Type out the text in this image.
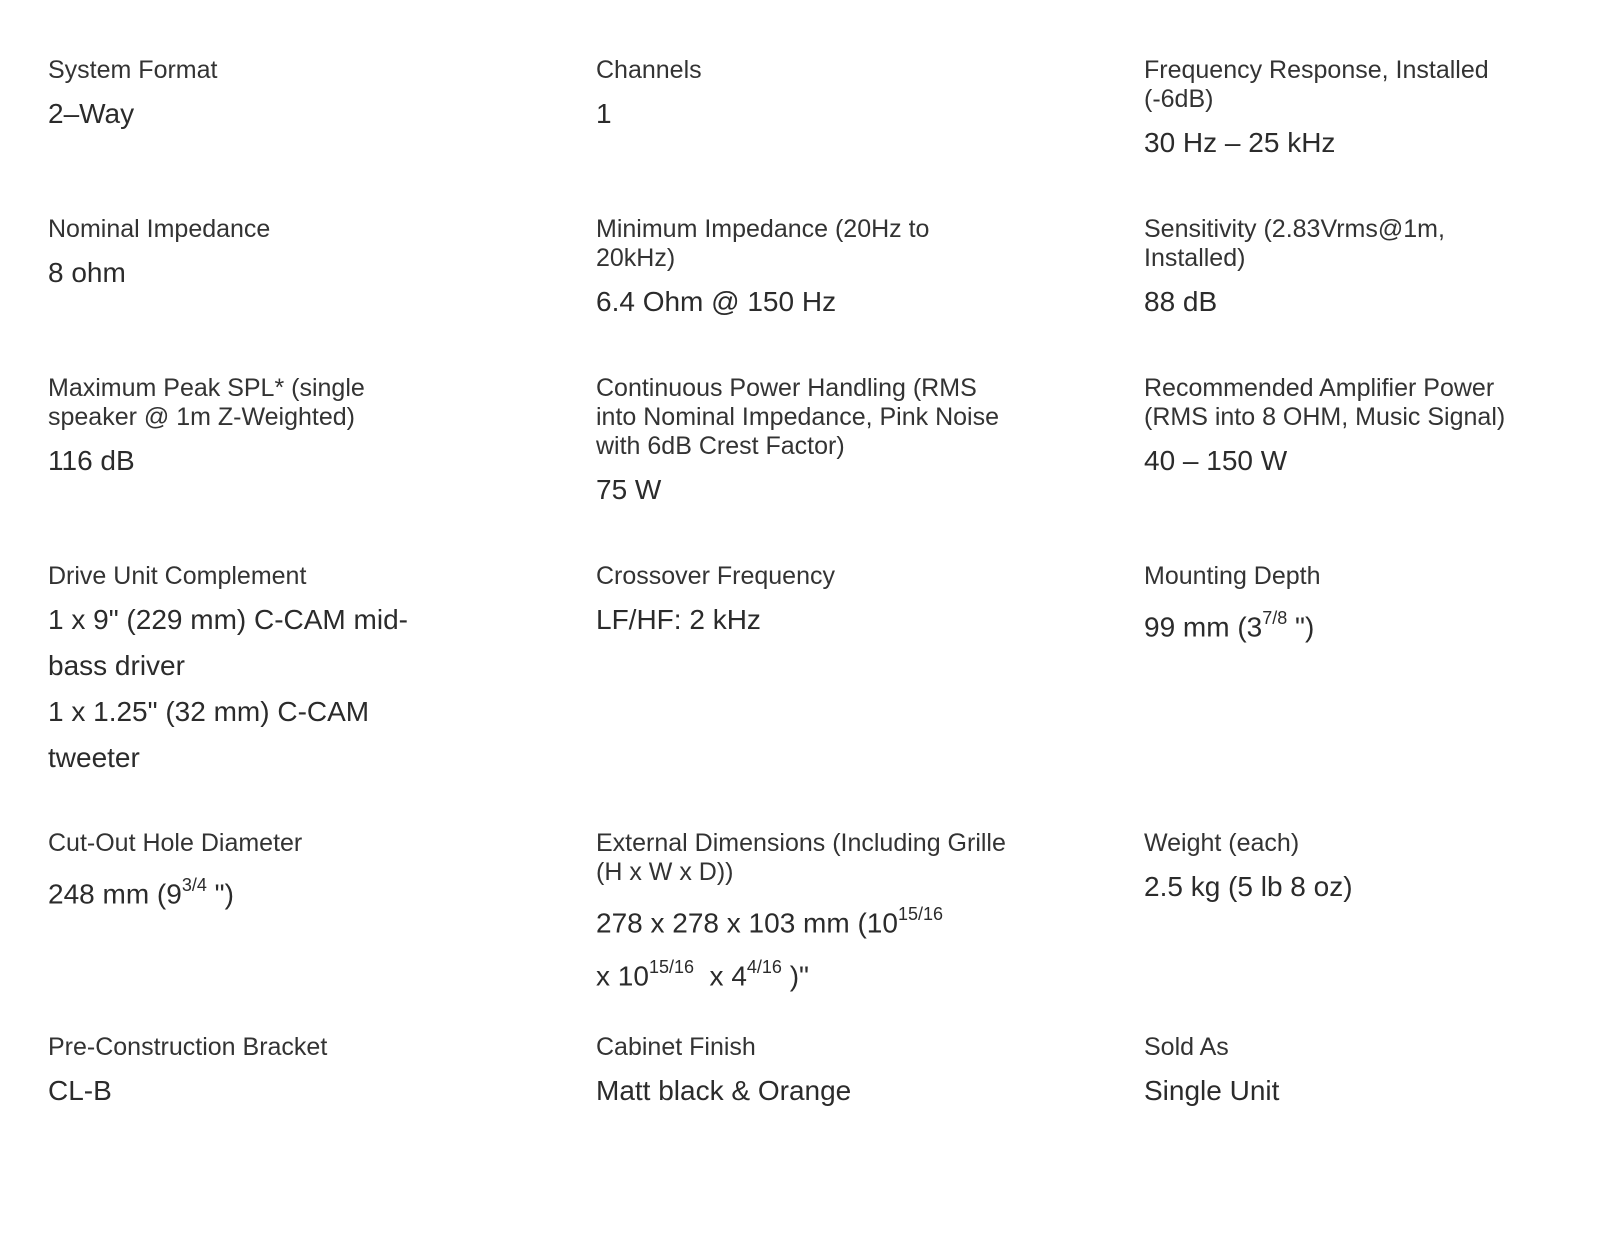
System Format
2–Way
Channels
1
Frequency Response, Installed (-6dB)
30 Hz – 25 kHz
Nominal Impedance
8 ohm
Minimum Impedance (20Hz to 20kHz)
6.4 Ohm @ 150 Hz
Sensitivity (2.83Vrms@1m, Installed)
88 dB
Maximum Peak SPL* (single speaker @ 1m Z-Weighted)
116 dB
Continuous Power Handling (RMS into Nominal Impedance, Pink Noise with 6dB Crest Factor)
75 W
Recommended Amplifier Power (RMS into 8 OHM, Music Signal)
40 – 150 W
Drive Unit Complement
1 x 9" (229 mm) C-CAM mid-bass driver
1 x 1.25" (32 mm) C-CAM tweeter
Crossover Frequency
LF/HF: 2 kHz
Mounting Depth
99 mm ($3^{7/8}$ ")
Cut-Out Hole Diameter
248 mm ($9^{3/4}$ ")
External Dimensions (Including Grille (H x W x D))
278 x 278 x 103 mm ($10^{15/16}$
x $10^{15/16}$  x $4^{4/16}$ )"
Weight (each)
2.5 kg (5 lb 8 oz)
Pre-Construction Bracket
CL-B
Cabinet Finish
Matt black & Orange
Sold As
Single Unit
